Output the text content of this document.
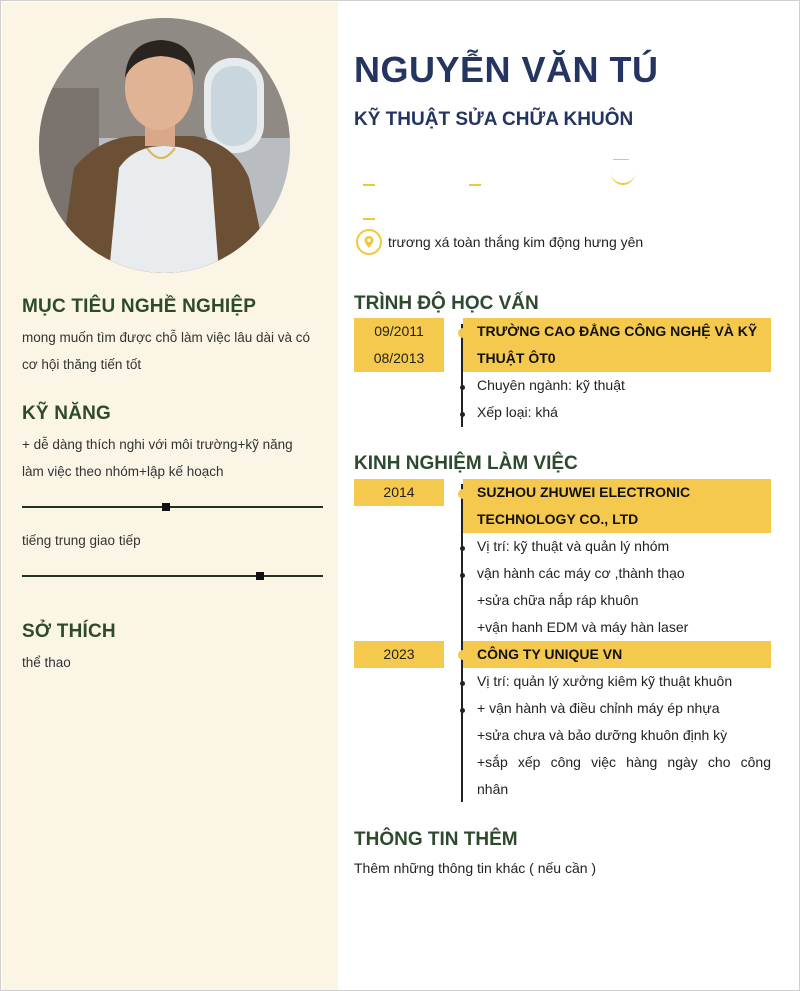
MỤC TIÊU NGHỀ NGHIỆP
mong muốn tìm được chỗ làm việc lâu dài và có
cơ hội thăng tiến tốt
KỸ NĂNG
+ dễ dàng thích nghi với môi trường+kỹ năng
làm việc theo nhóm+lập kế hoạch
tiếng trung giao tiếp
SỞ THÍCH
thể thao
NGUYỄN VĂN TÚ
KỸ THUẬT SỬA CHỮA KHUÔN
trương xá toàn thắng kim động hưng yên
TRÌNH ĐỘ HỌC VẤN
09/2011
08/2013
TRƯỜNG CAO ĐẲNG CÔNG NGHỆ VÀ KỸ
THUẬT ÔT0
Chuyên ngành: kỹ thuật
Xếp loại: khá
KINH NGHIỆM LÀM VIỆC
2014	SUZHOU ZHUWEI ELECTRONIC
TECHNOLOGY CO., LTD
Vị trí: kỹ thuật và quản lý nhóm
vận hành các máy cơ ,thành thạo
+sửa chữa nắp ráp khuôn
+vận hanh EDM và máy hàn laser
2023	CÔNG TY UNIQUE VN
Vị trí: quản lý xưởng kiêm kỹ thuật khuôn
+ vận hành và điều chỉnh máy ép nhựa
+sửa chưa và bảo dưỡng khuôn định kỳ
+sắp xếp công việc hàng ngày cho công
nhân
THÔNG TIN THÊM
Thêm những thông tin khác ( nếu cần )
